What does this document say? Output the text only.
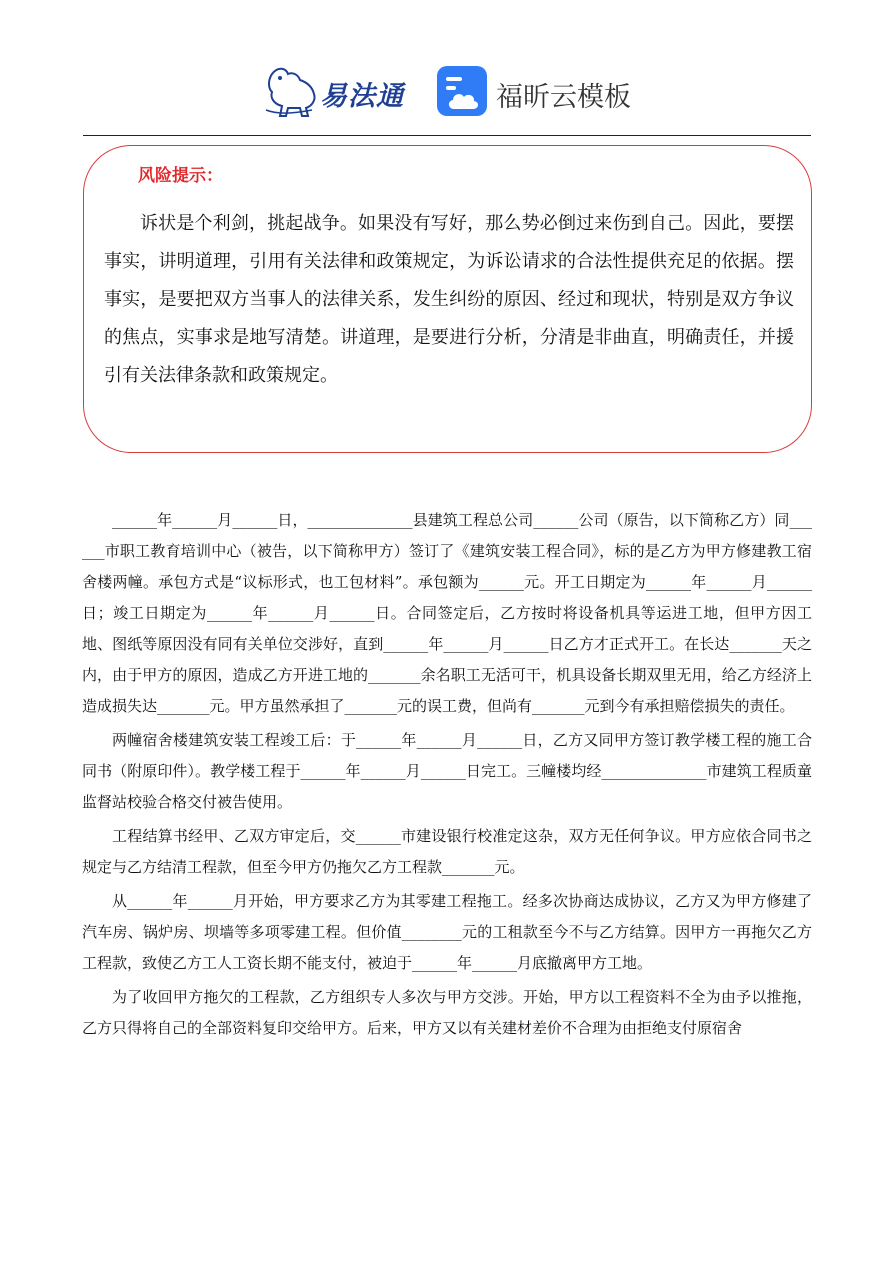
易法通	福昕云模板
风险提示：
诉状是个利剑，挑起战争。如果没有写好，那么势必倒过来伤到自己。因此，要摆事实，讲明道理，引用有关法律和政策规定，为诉讼请求的合法性提供充足的依据。摆事实，是要把双方当事人的法律关系，发生纠纷的原因、经过和现状，特别是双方争议的焦点，实事求是地写清楚。讲道理，是要进行分析，分清是非曲直，明确责任，并援引有关法律条款和政策规定。

______年______月______日，______________县建筑工程总公司______公司（原告，以下简称乙方）同______市职工教育培训中心（被告，以下简称甲方）签订了《建筑安装工程合同》，标的是乙方为甲方修建教工宿舍楼两幢。承包方式是“议标形式，也工包材料”。承包额为______元。开工日期定为______年______月______日；竣工日期定为______年______月______日。合同签定后，乙方按时将设备机具等运进工地，但甲方因工地、图纸等原因没有同有关单位交涉好，直到______年______月______日乙方才正式开工。在长达_______天之内，由于甲方的原因，造成乙方开进工地的_______余名职工无活可干，机具设备长期双里无用，给乙方经济上造成损失达_______元。甲方虽然承担了_______元的误工费，但尚有_______元到今有承担赔偿损失的责任。

两幢宿舍楼建筑安装工程竣工后：于______年______月______日，乙方又同甲方签订教学楼工程的施工合同书（附原印件）。教学楼工程于______年______月______日完工。三幢楼均经______________市建筑工程质童监督站校验合格交付被告使用。

工程结算书经甲、乙双方审定后，交______市建设银行校准定这杂，双方无任何争议。甲方应依合同书之规定与乙方结清工程款，但至今甲方仍拖欠乙方工程款_______元。

从______年______月开始，甲方要求乙方为其零建工程拖工。经多次协商达成协议，乙方又为甲方修建了汽车房、锅炉房、坝墙等多项零建工程。但价值________元的工租款至今不与乙方结算。因甲方一再拖欠乙方工程款，致使乙方工人工资长期不能支付，被迫于______年______月底撤离甲方工地。

为了收回甲方拖欠的工程款，乙方组织专人多次与甲方交涉。开始，甲方以工程资料不全为由予以推拖，乙方只得将自己的全部资料复印交给甲方。后来，甲方又以有关建材差价不合理为由拒绝支付原宿舍
